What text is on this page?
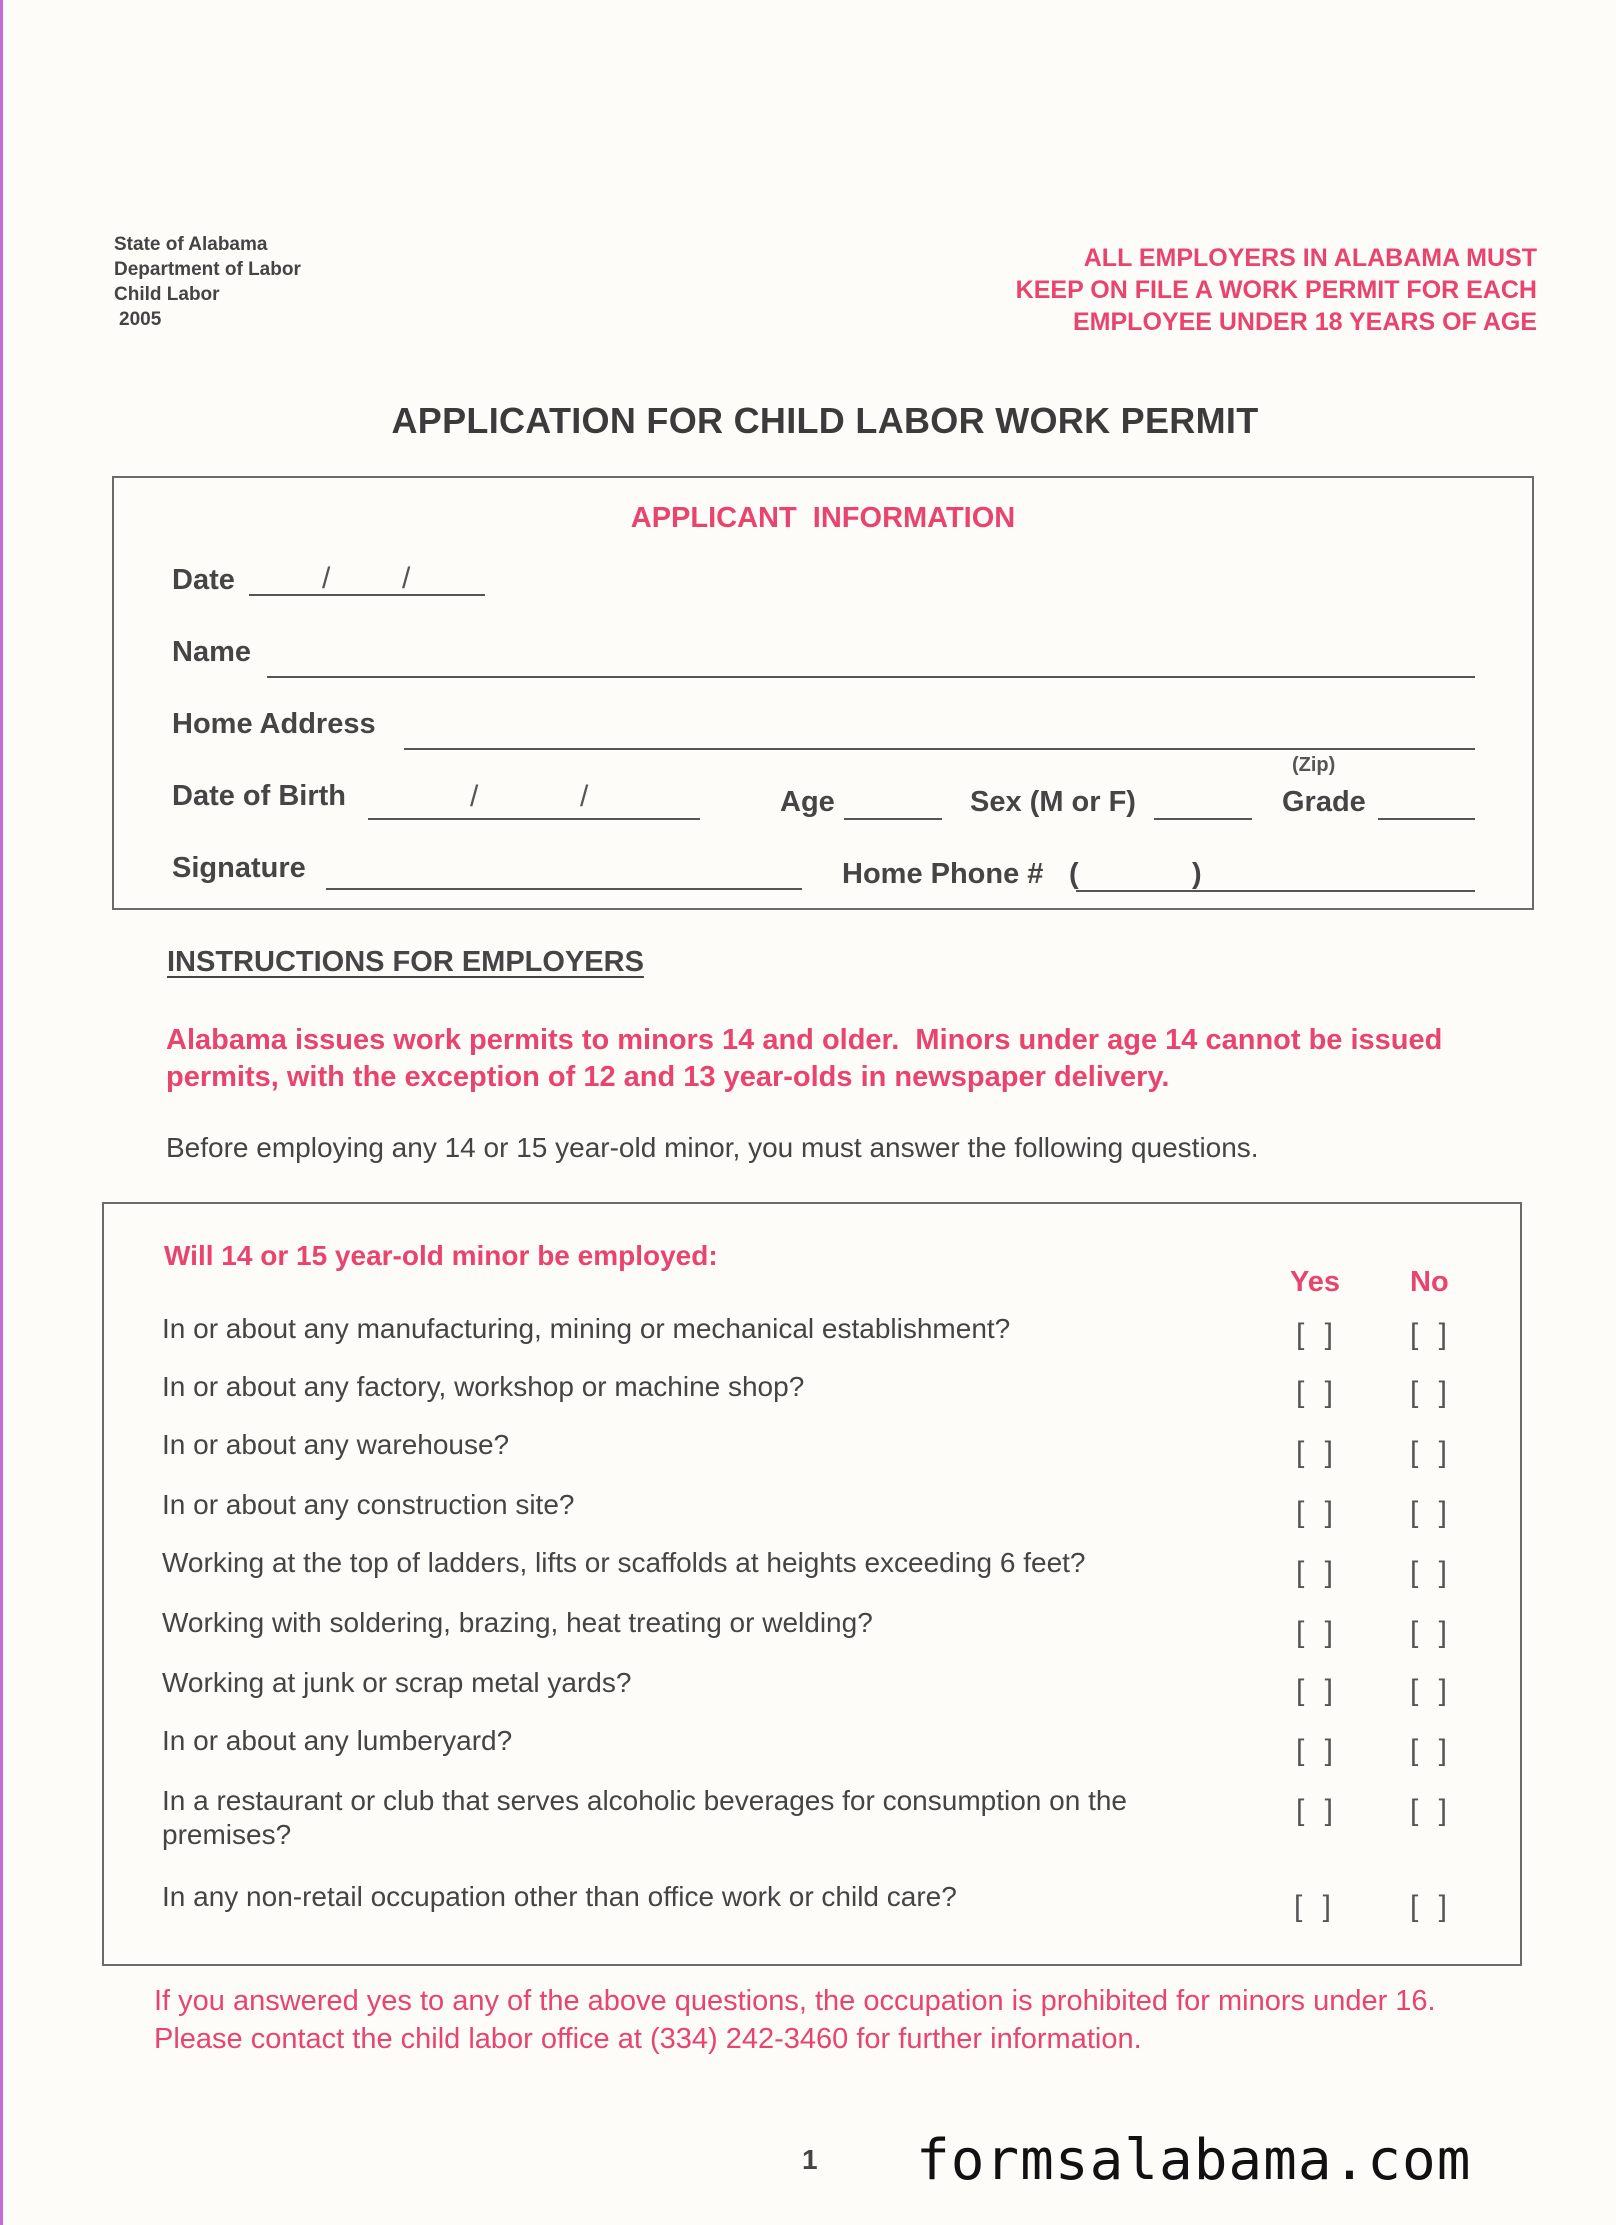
State of Alabama
Department of Labor
Child Labor
2005
ALL EMPLOYERS IN ALABAMA MUST
KEEP ON FILE A WORK PERMIT FOR EACH
EMPLOYEE UNDER 18 YEARS OF AGE
APPLICATION FOR CHILD LABOR WORK PERMIT
APPLICANT  INFORMATION
Date	/ /
Name
Home Address
(Zip)
Date of Birth	/	/	Age	Sex (M or F)	Grade
Signature	Home Phone # (	)
INSTRUCTIONS FOR EMPLOYERS
Alabama issues work permits to minors 14 and older.  Minors under age 14 cannot be issued permits, with the exception of 12 and 13 year-olds in newspaper delivery.
Before employing any 14 or 15 year-old minor, you must answer the following questions.
Will 14 or 15 year-old minor be employed:
Yes No
In or about any manufacturing, mining or mechanical establishment?	[ ] [ ]
In or about any factory, workshop or machine shop?	[ ] [ ]
In or about any warehouse?	[ ] [ ]
In or about any construction site?	[ ] [ ]
Working at the top of ladders, lifts or scaffolds at heights exceeding 6 feet?	[ ] [ ]
Working with soldering, brazing, heat treating or welding?	[ ] [ ]
Working at junk or scrap metal yards?	[ ] [ ]
In or about any lumberyard?	[ ] [ ]
In a restaurant or club that serves alcoholic beverages for consumption on the premises?
[ ] [ ]
In any non-retail occupation other than office work or child care?	[ ] [ ]
If you answered yes to any of the above questions, the occupation is prohibited for minors under 16.  Please contact the child labor office at (334) 242-3460 for further information.
1 formsalabama.com
